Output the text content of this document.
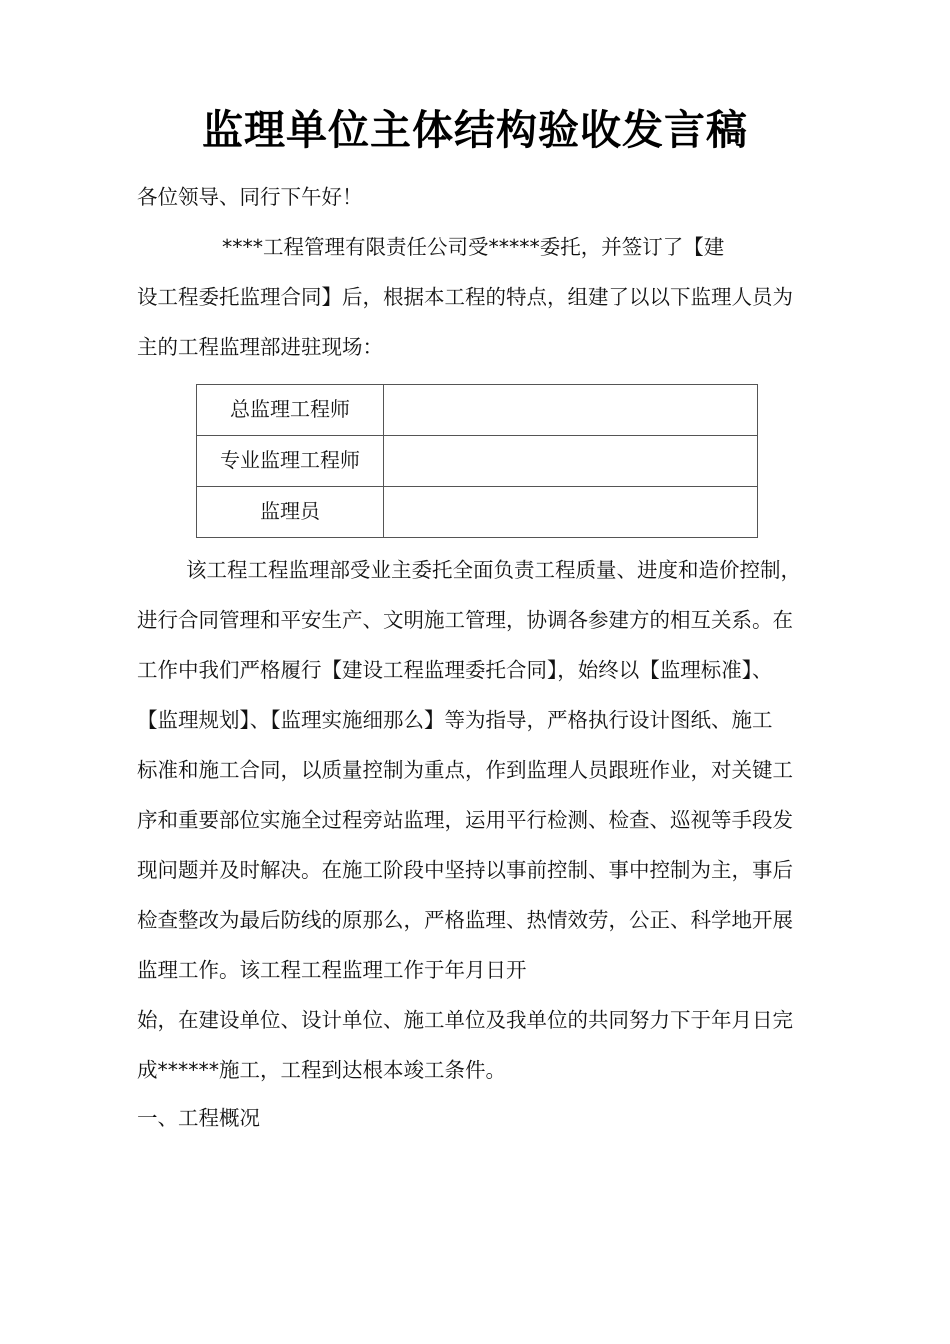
监理单位主体结构验收发言稿
各位领导、同行下午好！
****工程管理有限责任公司受*****委托，并签订了【建
设工程委托监理合同】后，根据本工程的特点，组建了以以下监理人员为
主的工程监理部进驻现场：
总监理工程师	
专业监理工程师	
监理员	
该工程工程监理部受业主委托全面负责工程质量、进度和造价控制，
进行合同管理和平安生产、文明施工管理，协调各参建方的相互关系。在
工作中我们严格履行【建设工程监理委托合同】，始终以【监理标准】、
【监理规划】、【监理实施细那么】等为指导，严格执行设计图纸、施工
标准和施工合同，以质量控制为重点，作到监理人员跟班作业，对关键工
序和重要部位实施全过程旁站监理，运用平行检测、检查、巡视等手段发
现问题并及时解决。在施工阶段中坚持以事前控制、事中控制为主，事后
检查整改为最后防线的原那么，严格监理、热情效劳，公正、科学地开展
监理工作。该工程工程监理工作于年月日开
始，在建设单位、设计单位、施工单位及我单位的共同努力下于年月日完
成******施工，工程到达根本竣工条件。
一、工程概况
